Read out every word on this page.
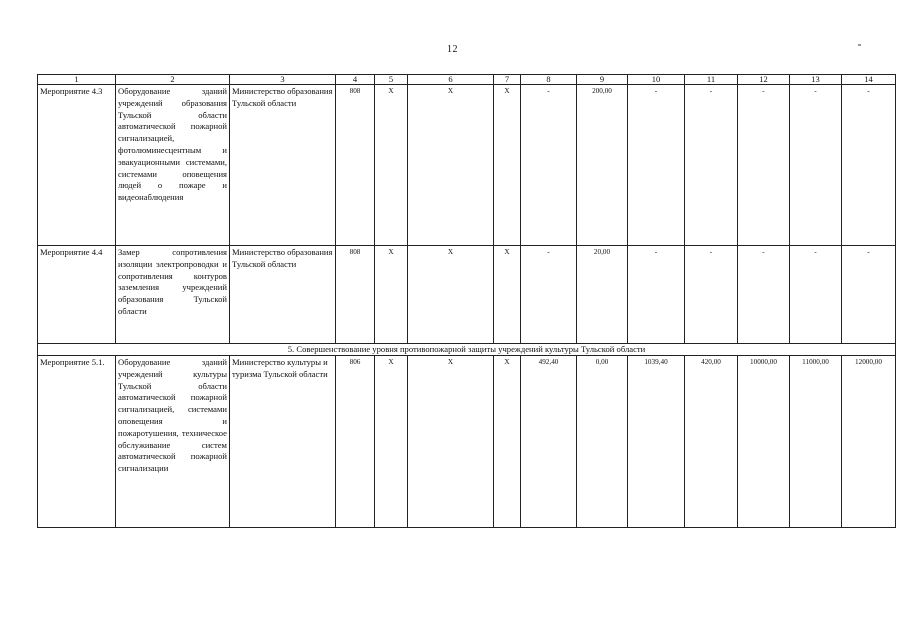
12
1	2	3	4	5	6	7	8	9	10	11	12	13	14
Мероприятие 4.3	Оборудование зданий учреждений образования Тульской области автоматической пожарной сигнализацией, фотолюминесцентным и эвакуационными системами, системами оповещения людей о пожаре и видеонаблюдения	Министерство образования Тульской области	808	Х	Х	Х	-	200,00	-	-	-	-	-
Мероприятие 4.4	Замер сопротивления изоляции электропроводки и сопротивления контуров заземления учреждений образования Тульской области	Министерство образования Тульской области	808	Х	Х	Х	-	20,00	-	-	-	-	-
5. Совершенствование уровня противопожарной защиты учреждений культуры Тульской области													
Мероприятие 5.1.	Оборудование зданий учреждений культуры Тульской области автоматической пожарной сигнализацией, системами оповещения и пожаротушения, техническое обслуживание систем автоматической пожарной сигнализации	Министерство культуры и туризма Тульской области	806	Х	Х	Х	492,40	0,00	1039,40	420,00	10000,00	11000,00	12000,00
